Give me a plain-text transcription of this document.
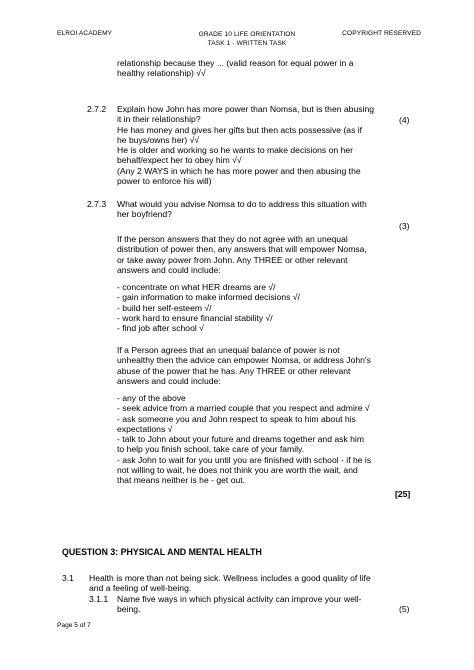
ELROI ACADEMY	GRADE 10 LIFE ORIENTATION
TASK 1 - WRITTEN TASK
COPYRIGHT RESERVED
relationship because they ... (valid reason for equal power in a
healthy relationship) √√
2.7.2 Explain how John has more power than Nomsa, but is then abusing
it in their relationship?
He has money and gives her gifts but then acts possessive (as if
he buys/owns her) √√
He is older and working so he wants to make decisions on her
behalf/expect her to obey him √√
(Any 2 WAYS in which he has more power and then abusing the
power to enforce his will)
(4)
2.7.3 What would you advise Nomsa to do to address this situation with
her boyfriend?
(3)
If the person answers that they do not agree with an unequal
distribution of power then, any answers that will empower Nomsa,
or take away power from John. Any THREE or other relevant
answers and could include:
- concentrate on what HER dreams are √/
- gain information to make informed decisions √/
- build her self-esteem √/
- work hard to ensure financial stability √/
- find job after school √
If a Person agrees that an unequal balance of power is not
unhealthy then the advice can empower Nomsa, or address John's
abuse of the power that he has. Any THREE or other relevant
answers and could include:
- any of the above
- seek advice from a married couple that you respect and admire √
- ask someone you and John respect to speak to him about his
expectations √
- talk to John about your future and dreams together and ask him
to help you finish school, take care of your family.
- ask John to wait for you until you are finished with school - if he is
not willing to wait, he does not think you are worth the wait, and
that means neither is he - get out.
[25]
QUESTION 3: PHYSICAL AND MENTAL HEALTH
3.1 Health is more than not being sick. Wellness includes a good quality of life
and a feeling of well-being.
3.1.1 Name five ways in which physical activity can improve your well-
being.	(5)
Page 5 of 7
